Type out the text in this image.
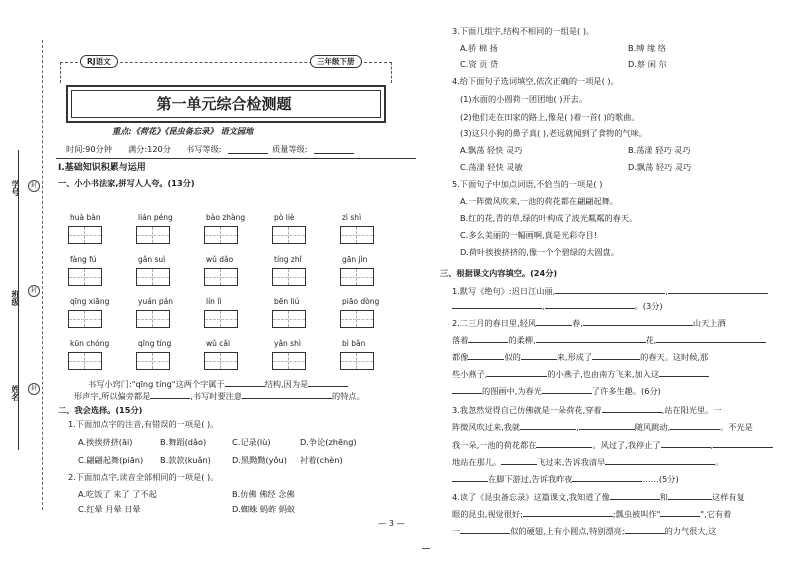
学号
班级
姓名
封
封
封
RJ语文	三年级下册
第一单元综合检测题
重点:《荷花》《昆虫备忘录》 语文园地
时间:90分钟 满分:120分 书写等级:	质量等级:
Ⅰ.基础知识积累与运用
一、小小书法家,拼写人人夸。(13分)
huà bàn	lián péng	bào zhàng	pò liè	zì shì
fàng fú	gǎn suì	wǔ dǎo	tíng zhǐ	gān jìn
qīng xiāng	yuán pán	lín lì	bēn liú	piāo dòng
kūn chóng	qīng tíng	wǔ cǎi	yǎn shì	bì bǎn
书写小窍门:"qīng tíng"这两个字属于	结构,因为是
形声字,所以偏旁都是	,书写时要注意	的特点。
二、我会选择。(15分)
1.下面加点字的注音,有错误的一项是( )。
A.挨挨挤挤(āi)	B.舞蹈(dǎo)	C.记录(lù)	D.争论(zhēng)
C.翩翩起舞(piān) B.款款(kuǎn)	D.黑黝黝(yǒu) 衬着(chèn)
2.下面加点字,读音全部相同的一项是( )。
A.吃饭了 来了 了不起	B.仿佛 佛经 念佛
C.红晕 月晕 日晕	D.蜘蛛 蚂蚱 蚂蚁
3.下面几组字,结构不相同的一组是( )。
A.骄 棉 扬	B.缚 缘 络
C.资 贡 贷	D.蔡 闲 尔
4.给下面句子选词填空,依次正确的一项是( )。
(1)水面的小圆荷一团团地( )开去。
(2)他们走在田家的路上,像是( )着一首( )的歌曲。
(3)这只小狗的鼻子真( ),老远就闻到了食物的气味。
A.飘荡 轻快 灵巧	B.荡漾 轻巧 灵巧
C.荡漾 轻快 灵敏	D.飘荡 轻巧 灵巧
5.下面句子中加点词语,不恰当的一项是( )
A.一阵微风吹来,一池的荷花都在翩翩起舞。
B.红的花,青的草,绿的叶构成了波光粼粼的春天。
C.多么美丽的一幅画啊,真是光彩夺目!
D.荷叶挨挨挤挤的,像一个个碧绿的大圆盘。
三、根据课文内容填空。(24分)
1.默写《绝句》:迟日江山丽,	,
,	。(3分)
2.二三月的春日里,轻风	春,	山天上洒
落着	的柔柳,	花,
都像	似的	来,形成了	的春天。这时候,那
些小燕子,	的小燕子,也由南方飞来,加入这
的图画中,为春光	了许多生趣。(6分)
3.我忽然觉得自己仿佛就是一朵荷花,穿着	,站在阳光里。一
阵微风吹过来,我就	,	随风跳动,	。不光是
我一朵,一池的荷花都在	。风过了,我停止了	,
地站在那儿。	飞过来,告诉我清早	。
在脚下游过,告诉我昨夜	……(5分)
4.读了《昆虫备忘录》这篇课文,我知道了像	和	这样有复
眼的昆虫,视觉很好;	;瓢虫被叫作"	",它有着
一	似的硬翅,上有小圆点,特别漂亮;	的力气很大,这
— 3 —
